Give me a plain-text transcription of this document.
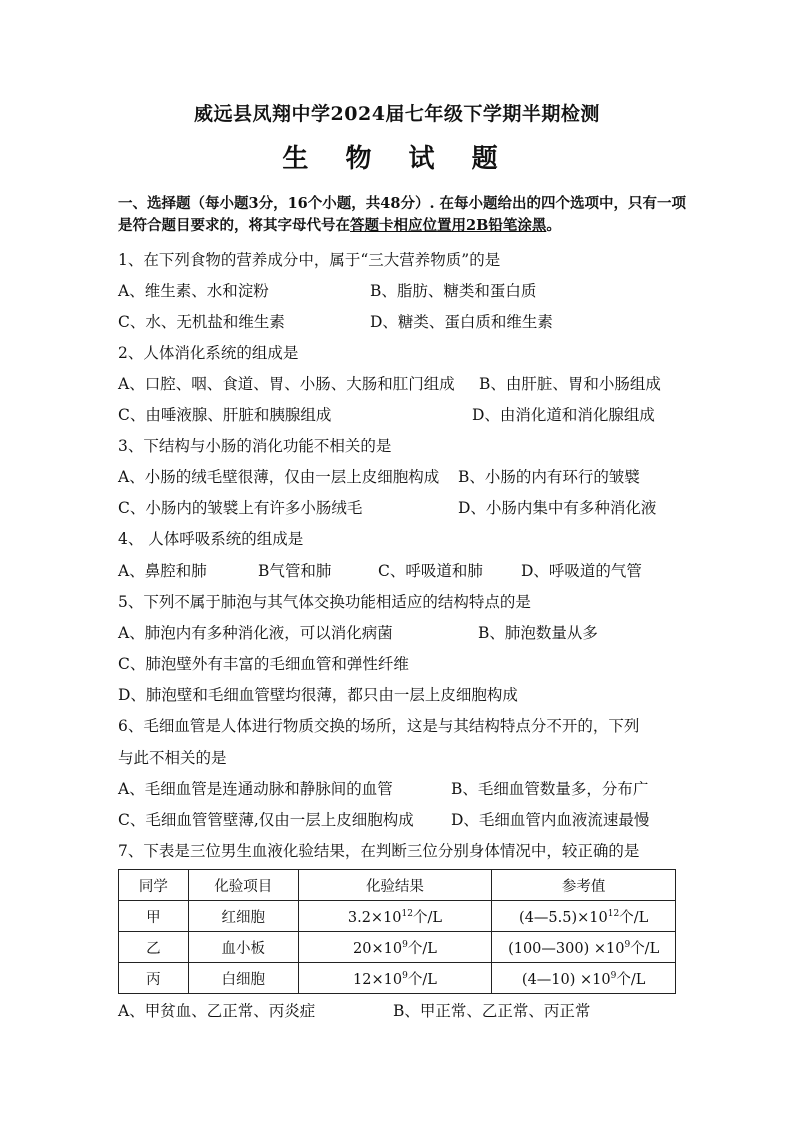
威远县凤翔中学2024届七年级下学期半期检测
生 物 试 题
一、选择题（每小题3分，16个小题，共48分）. 在每小题给出的四个选项中，只有一项是符合题目要求的，将其字母代号在答题卡相应位置用2B铅笔涂黑。
1、在下列食物的营养成分中，属于“三大营养物质”的是
A、维生素、水和淀粉	B、脂肪、糖类和蛋白质
C、水、无机盐和维生素	D、糖类、蛋白质和维生素
2、人体消化系统的组成是
A、口腔、咽、食道、胃、小肠、大肠和肛门组成 B、由肝脏、胃和小肠组成
C、由唾液腺、肝脏和胰腺组成	D、由消化道和消化腺组成
3、下结构与小肠的消化功能不相关的是
A、小肠的绒毛壁很薄，仅由一层上皮细胞构成 B、小肠的内有环行的皱襞
C、小肠内的皱襞上有许多小肠绒毛	D、小肠内集中有多种消化液
4、 人体呼吸系统的组成是
A、鼻腔和肺	B气管和肺	C、呼吸道和肺 D、呼吸道的气管
5、下列不属于肺泡与其气体交换功能相适应的结构特点的是
A、肺泡内有多种消化液，可以消化病菌	B、肺泡数量从多
C、肺泡壁外有丰富的毛细血管和弹性纤维
D、肺泡壁和毛细血管壁均很薄，都只由一层上皮细胞构成
6、毛细血管是人体进行物质交换的场所，这是与其结构特点分不开的，下列
与此不相关的是
A、毛细血管是连通动脉和静脉间的血管	B、毛细血管数量多，分布广
C、毛细血管管壁薄,仅由一层上皮细胞构成 D、毛细血管内血液流速最慢
7、下表是三位男生血液化验结果，在判断三位分别身体情况中，较正确的是
同学	化验项目	化验结果	参考值
甲	红细胞	$3.2\times 10^{12}$个/L	$(4—5.5)\times 10^{12}$个/L
乙	血小板	$20\times 10^9$个/L	(100—300) $\times 10^9$个/L
丙	白细胞	$12\times 10^9$个/L	(4—10) $\times 10^9$个/L
A、甲贫血、乙正常、丙炎症	B、甲正常、乙正常、丙正常
